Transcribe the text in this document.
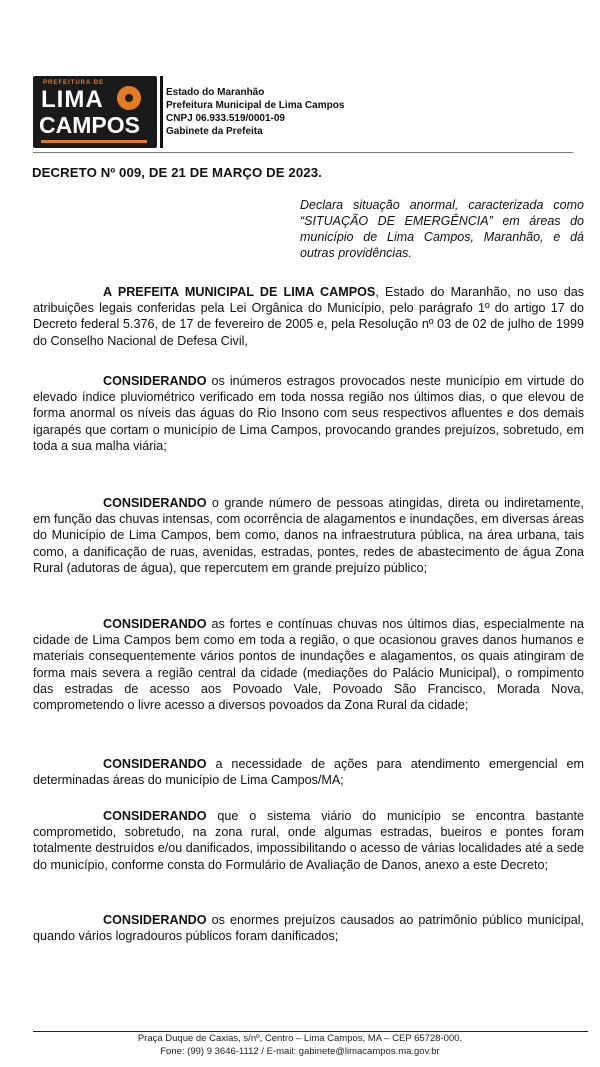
PREFEITURA DE
LIMA
CAMPOS
Estado do Maranhão
Prefeitura Municipal de Lima Campos
CNPJ 06.933.519/0001-09
Gabinete da Prefeita
DECRETO Nº 009, DE 21 DE MARÇO DE 2023.
Declara situação anormal, caracterizada como “SITUAÇÃO DE EMERGÊNCIA” em áreas do município de Lima Campos, Maranhão, e dá outras providências.
A PREFEITA MUNICIPAL DE LIMA CAMPOS, Estado do Maranhão, no uso das atribuições legais conferidas pela Lei Orgânica do Município, pelo parágrafo 1º do artigo 17 do Decreto federal 5.376, de 17 de fevereiro de 2005 e, pela Resolução nº 03 de 02 de julho de 1999 do Conselho Nacional de Defesa Civil,
CONSIDERANDO os inúmeros estragos provocados neste município em virtude do elevado índice pluviométrico verificado em toda nossa região nos últimos dias, o que elevou de forma anormal os níveis das águas do Rio Insono com seus respectivos afluentes e dos demais igarapés que cortam o município de Lima Campos, provocando grandes prejuízos, sobretudo, em toda a sua malha viária;
CONSIDERANDO o grande número de pessoas atingidas, direta ou indiretamente, em função das chuvas intensas, com ocorrência de alagamentos e inundações, em diversas áreas do Município de Lima Campos, bem como, danos na infraestrutura pública, na área urbana, tais como, a danificação de ruas, avenidas, estradas, pontes, redes de abastecimento de água Zona Rural (adutoras de água), que repercutem em grande prejuízo público;
CONSIDERANDO as fortes e contínuas chuvas nos últimos dias, especialmente na cidade de Lima Campos bem como em toda a região, o que ocasionou graves danos humanos e materiais consequentemente vários pontos de inundações e alagamentos, os quais atingiram de forma mais severa a região central da cidade (mediações do Palácio Municipal), o rompimento das estradas de acesso aos Povoado Vale, Povoado São Francisco, Morada Nova, comprometendo o livre acesso a diversos povoados da Zona Rural da cidade;
CONSIDERANDO a necessidade de ações para atendimento emergencial em determinadas áreas do município de Lima Campos/MA;
CONSIDERANDO que o sistema viário do município se encontra bastante comprometido, sobretudo, na zona rural, onde algumas estradas, bueiros e pontes foram totalmente destruídos e/ou danificados, impossibilitando o acesso de várias localidades até a sede do município, conforme consta do Formulário de Avaliação de Danos, anexo a este Decreto;
CONSIDERANDO os enormes prejuízos causados ao patrimônio público municipal, quando vários logradouros públicos foram danificados;
Praça Duque de Caxias, s/nº, Centro – Lima Campos, MA – CEP 65728-000.
Fone: (99) 9 3646-1112 / E-mail: gabinete@limacampos.ma.gov.br
